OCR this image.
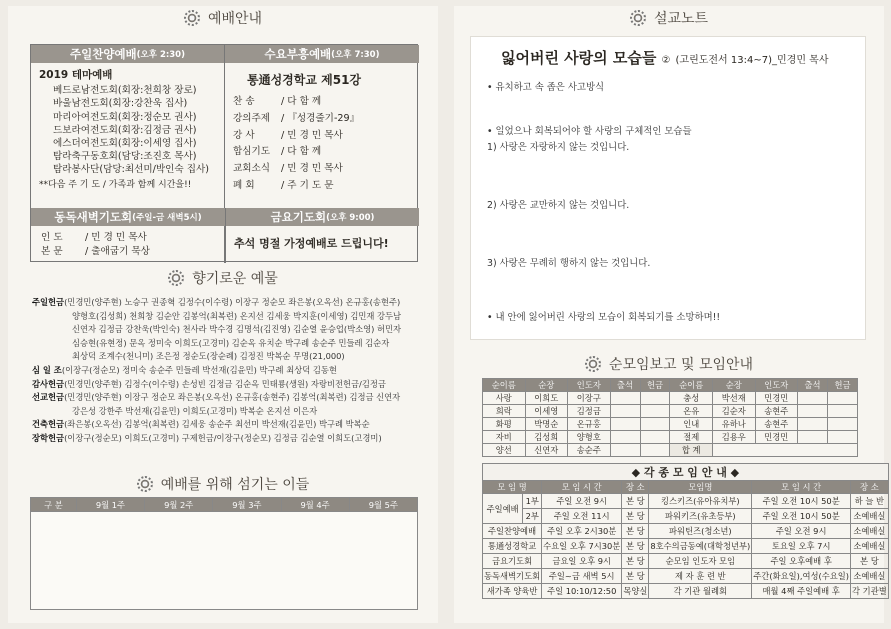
예배안내
주일찬양예배 (오후 2:30)
2019 테마예배
베드로남전도회(회장:천희창 장로)
바울남전도회(회장:강찬욱 집사)
마리아여전도회(회장:정순모 권사)
드보라여전도회(회장:김정금 권사)
에스더여전도회(회장:이세영 집사)
탐라축구동호회(담당:조진호 목사)
탐라봉사단(담당:최선미/박인숙 집사)
**다음 주 기 도 / 가족과 함께 시간을!!
수요부흥예배 (오후 7:30)
통通성경학교 제51강
찬 송	/ 다 함 께
강의주제 / 『성경줄기-29』
강 사	/ 민 경 민 목사
합심기도 / 다 함 께
교회소식 / 민 경 민 목사
폐 회	/ 주 기 도 문
동독새벽기도회 (주일-금 새벽5시)
인 도 / 민 경 민 목사
본 문 / 출애굽기 묵상
금요기도회 (오후 9:00)
추석 명절 가정예배로 드립니다!
향기로운 예물
주일헌금(민경민(양주현) 노승구 권종혁 김정수(이수령) 이장구 정순모 좌은봉(오옥선) 온규홍(송현주)
양형호(김성희) 천희창 김순안 김봉억(최복련) 온지선 김세웅 박지훈(이세영) 김민재 강두남
신연자 김정금 강찬욱(박인숙) 천사라 박수경 김명석(김진영) 김순열 윤승업(박소영) 허민자
심승현(유현정) 문옥 정미숙 이희도(고경미) 김순옥 유치순 박구례 송순주 민들레 김순자
최상덕 조계수(천니미) 조은정 정순도(장순례) 김정진 박복순 무명(21,000)
심 일 조(이장구(정순모) 정미숙 송순주 민들레 박선재(김윤민) 박구례 최상덕 김동현
감사헌금(민경민(양주현) 김정수(이수령) 손성빈 김정금 김순옥 민태룡(생원) 자랑비전헌금/김정금
선교헌금(민경민(양주현) 이장구 정순모 좌은봉(오옥선) 온규홍(송현주) 김봉억(최복련) 김정금 신연자
강은성 강한주 박선재(김윤민) 이희도(고경미) 박복순 온지선 이은자
건축헌금(좌은봉(오옥선) 김봉억(최복련) 김세웅 송순주 최선미 박선재(김윤민) 박구례 박복순
장학헌금(이장구(정순모) 이희도(고경미) 구제헌금/이장구(정순모) 김정금 김순열 이희도(고경미)
예배를 위해 섬기는 이들
구 분	9월 1주	9월 2주	9월 3주	9월 4주	9월 5주

설교노트
잃어버린 사랑의 모습들 ② (고린도전서 13:4~7)_민경민 목사
• 유치하고 속 좁은 사고방식
• 일었으나 회복되어야 할 사랑의 구체적인 모습들
1) 사랑은 자랑하지 않는 것입니다.
2) 사랑은 교만하지 않는 것입니다.
3) 사랑은 무례히 행하지 않는 것입니다.
• 내 안에 잃어버린 사랑의 모습이 회복되기를 소망하며!!
순모임보고 및 모임안내
순이름	순장	인도자	출석	헌금	순이름	순장	인도자	출석	헌금
사랑	이희도	이장구			충성	박선재	민경민		
희락	이세영	김정금			온유	김순자	송현주		
화평	박명순	온규홍			인내	유하나	송현주		
자비	김성희	양형호			절제	김용우	민경민		
양선	신연자	송순주			합 계				
◆ 각 종 모 임 안 내 ◆						
모 임 명		모 임 시 간	장 소	모임명	모 임 시 간	장 소
주일예배	1부	주일 오전 9시	본 당	킹스키즈(유아유치부)	주일 오전 10시 50분	하 늘 반
	2부	주일 오전 11시	본 당	파워키즈(유초등부)	주일 오전 10시 50분	소예배실
주일찬양예배		주일 오후 2시30분	본 당	파워틴즈(청소년)	주일 오전 9시	소예배실
통通성경학교		수요일 오후 7시30분	본 당	8호수의금동예(대학청년부)	토요일 오후 7시	소예배실
금요기도회		금요일 오후 9시	본 당	순모임 인도자 모임	주일 오후예배 후	본 당
동독새벽기도회		주일~금 새벽 5시	본 당	제 자 훈 련 반	주간(화요일),여성(수요일)	소예배실
새가족 양육반		주일 10:10/12:50	목양실	각 기관 월례회	매월 4째 주일예배 후	각 기관별
